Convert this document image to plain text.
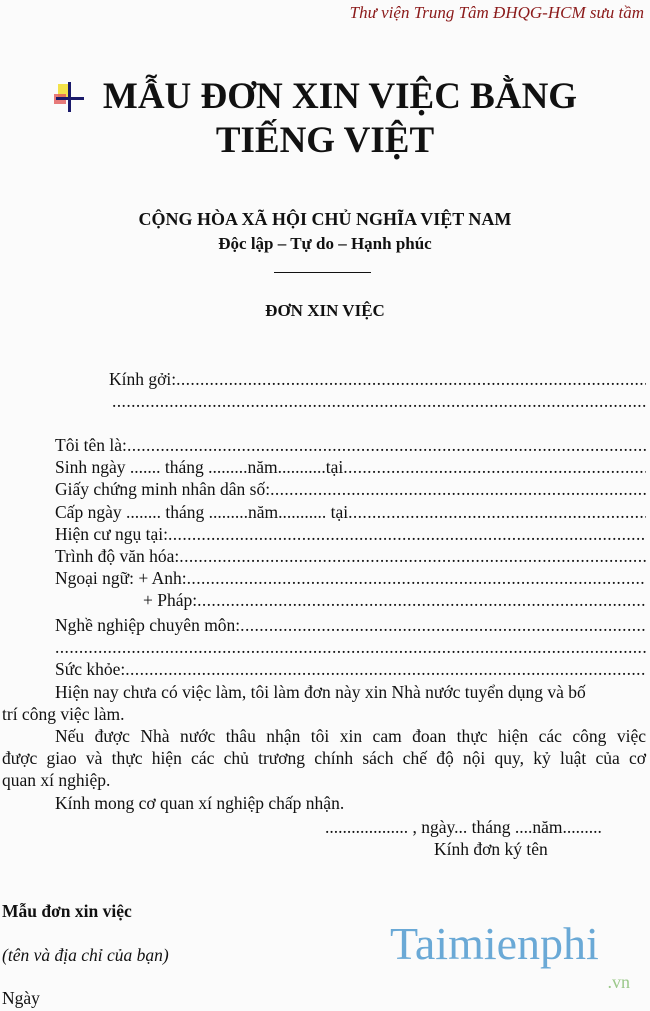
Thư viện Trung Tâm ĐHQG-HCM sưu tầm
MẪU ĐƠN XIN VIỆC BẰNG
TIẾNG VIỆT
CỘNG HÒA XÃ HỘI CHỦ NGHĨA VIỆT NAM
Độc lập – Tự do – Hạnh phúc
ĐƠN XIN VIỆC
Kính gởi:
.....
.....
Tôi tên là:
.....
Sinh ngày ....... tháng .........năm...........tại
.....
Giấy chứng minh nhân dân số:
.....
Cấp ngày ........ tháng .........năm........... tại
.....
Hiện cư ngụ tại:
.....
Trình độ văn hóa:
.....
Ngoại ngữ: + Anh:
.....
+ Pháp:
.....
Nghề nghiệp chuyên môn:
.....
.....
Sức khỏe:
.....
Hiện nay chưa có việc làm, tôi làm đơn này xin Nhà nước tuyển dụng và bố
trí công việc làm.
Nếu được Nhà nước thâu nhận tôi xin cam đoan thực hiện các công việc
được giao và thực hiện các chủ trương chính sách chế độ nội quy, kỷ luật của cơ
quan xí nghiệp.
Kính mong cơ quan xí nghiệp chấp nhận.
................... , ngày... tháng ....năm.........
Kính đơn ký tên
Mẫu đơn xin việc
(tên và địa chỉ của bạn)
Ngày
Taimienphi
.vn
